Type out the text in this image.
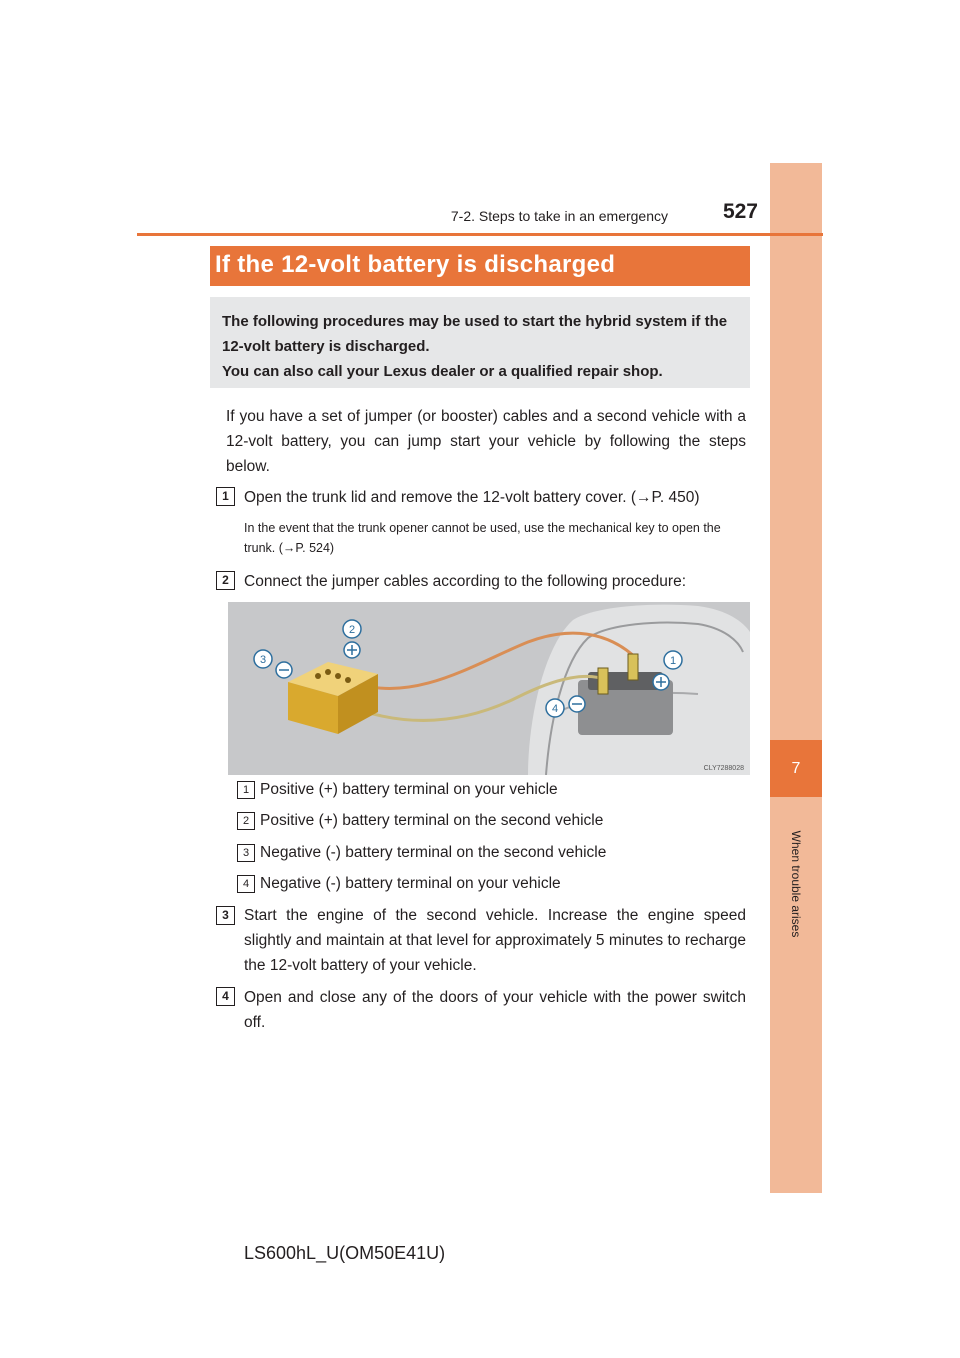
7
When trouble arises
7-2. Steps to take in an emergency	527
If the 12-volt battery is discharged
The following procedures may be used to start the hybrid system if the
12-volt battery is discharged.
You can also call your Lexus dealer or a qualified repair shop.
If you have a set of jumper (or booster) cables and a second vehicle with a 12-volt battery, you can jump start your vehicle by following the steps below.
1 Open the trunk lid and remove the 12-volt battery cover. (→P. 450)
In the event that the trunk opener cannot be used, use the mechanical key to open the trunk. (→P. 524)
2 Connect the jumper cables according to the following procedure:
1
2
3
4
CLY7288028
1 Positive (+) battery terminal on your vehicle
2 Positive (+) battery terminal on the second vehicle
3 Negative (-) battery terminal on the second vehicle
4 Negative (-) battery terminal on your vehicle
3 Start the engine of the second vehicle. Increase the engine speed slightly and maintain at that level for approximately 5 minutes to recharge the 12-volt battery of your vehicle.
4 Open and close any of the doors of your vehicle with the power switch off.
LS600hL_U(OM50E41U)
